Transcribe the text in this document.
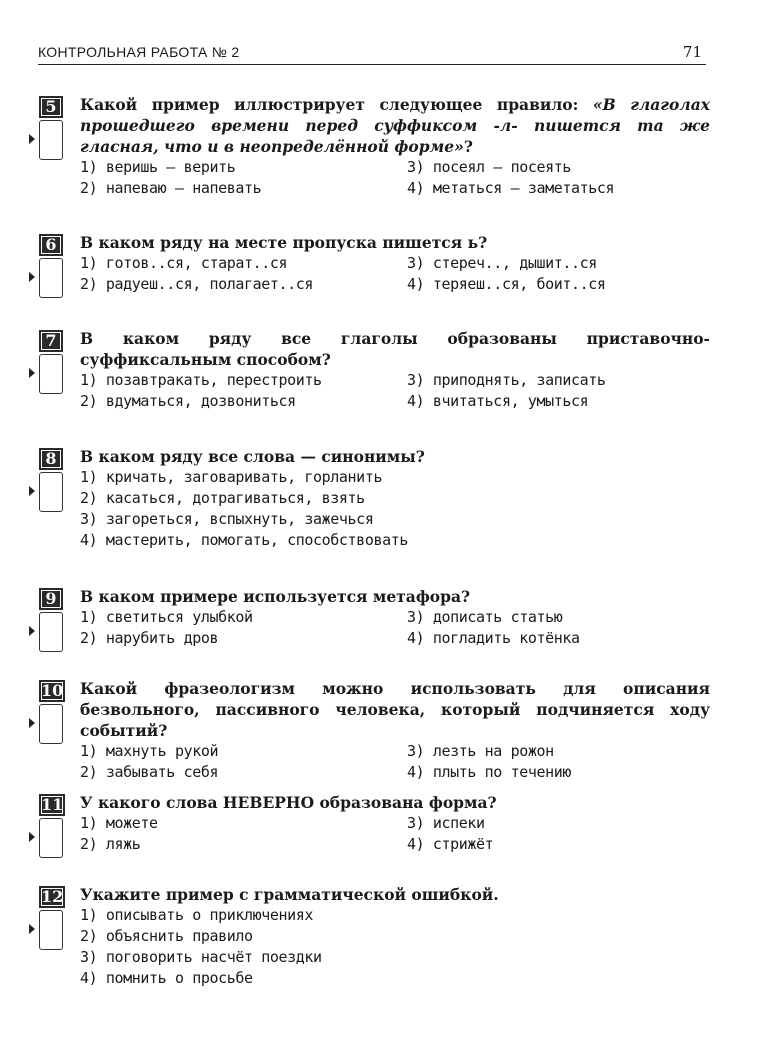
КОНТРОЛЬНАЯ РАБОТА № 2	71
5	Какой пример иллюстрирует следующее правило: «В глаголах прошедшего времени перед суффиксом -л- пишется та же гласная, что и в неопределённой форме»?
1) веришь — верить	3) посеял — посеять
2) напеваю — напевать	4) метаться — заметаться
6	В каком ряду на месте пропуска пишется ь?
1) готов..ся, старат..ся	3) стереч.., дышит..ся
2) радуеш..ся, полагает..ся	4) теряеш..ся, боит..ся
7	В каком ряду все глаголы образованы приставочно-суффиксальным способом?
1) позавтракать, перестроить	3) приподнять, записать
2) вдуматься, дозвониться	4) вчитаться, умыться
8	В каком ряду все слова — синонимы?
1) кричать, заговаривать, горланить
2) касаться, дотрагиваться, взять
3) загореться, вспыхнуть, зажечься
4) мастерить, помогать, способствовать
9	В каком примере используется метафора?
1) светиться улыбкой	3) дописать статью
2) нарубить дров	4) погладить котёнка
10 Какой фразеологизм можно использовать для описания безвольного, пассивного человека, который подчиняется ходу событий?
1) махнуть рукой	3) лезть на рожон
2) забывать себя	4) плыть по течению
11 У какого слова НЕВЕРНО образована форма?
1) можете	3) испеки
2) ляжь	4) стрижёт
12 Укажите пример с грамматической ошибкой.
1) описывать о приключениях
2) объяснить правило
3) поговорить насчёт поездки
4) помнить о просьбе
